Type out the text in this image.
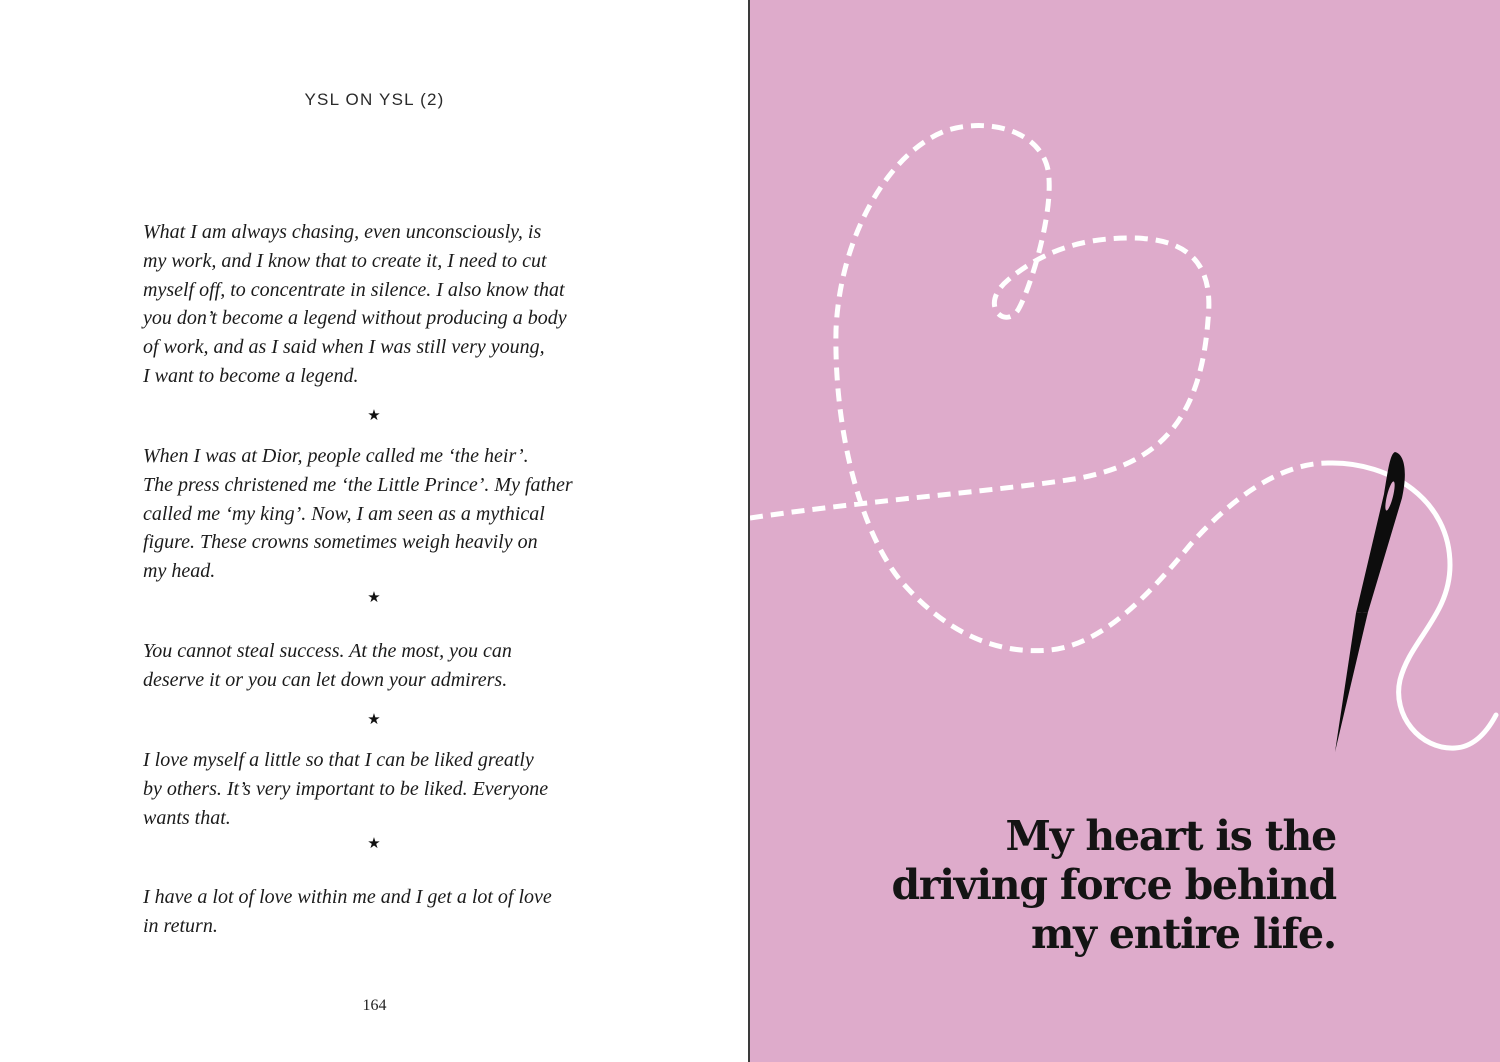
YSL ON YSL (2)

What I am always chasing, even unconsciously, is
my work, and I know that to create it, I need to cut
myself off, to concentrate in silence. I also know that
you don’t become a legend without producing a body
of work, and as I said when I was still very young,
I want to become a legend.

★

When I was at Dior, people called me ‘the heir’.
The press christened me ‘the Little Prince’. My father
called me ‘my king’. Now, I am seen as a mythical
figure. These crowns sometimes weigh heavily on
my head.

★

You cannot steal success. At the most, you can
deserve it or you can let down your admirers.

★

I love myself a little so that I can be liked greatly
by others. It’s very important to be liked. Everyone
wants that.

★

I have a lot of love within me and I get a lot of love
in return.

164

My heart is the
driving force behind
my entire life.
